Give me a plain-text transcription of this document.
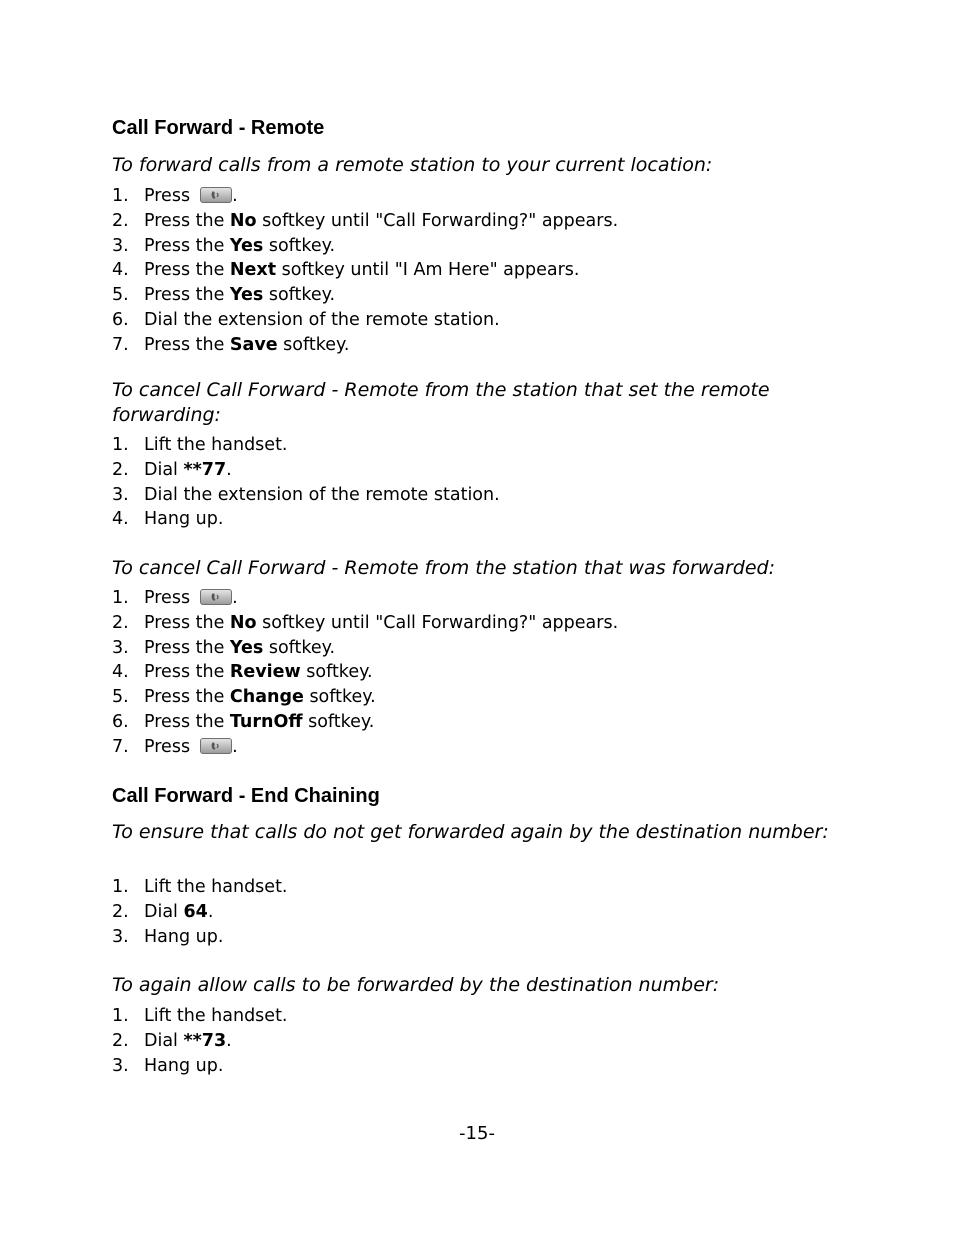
Call Forward - Remote
To forward calls from a remote station to your current location:
1. Press .
2. Press the No softkey until "Call Forwarding?" appears.
3. Press the Yes softkey.
4. Press the Next softkey until "I Am Here" appears.
5. Press the Yes softkey.
6. Dial the extension of the remote station.
7. Press the Save softkey.
To cancel Call Forward - Remote from the station that set the remote forwarding:
1. Lift the handset.
2. Dial **77.
3. Dial the extension of the remote station.
4. Hang up.
To cancel Call Forward - Remote from the station that was forwarded:
1. Press .
2. Press the No softkey until "Call Forwarding?" appears.
3. Press the Yes softkey.
4. Press the Review softkey.
5. Press the Change softkey.
6. Press the TurnOff softkey.
7. Press .
Call Forward - End Chaining
To ensure that calls do not get forwarded again by the destination number:
1. Lift the handset.
2. Dial 64.
3. Hang up.
To again allow calls to be forwarded by the destination number:
1. Lift the handset.
2. Dial **73.
3. Hang up.
-15-
